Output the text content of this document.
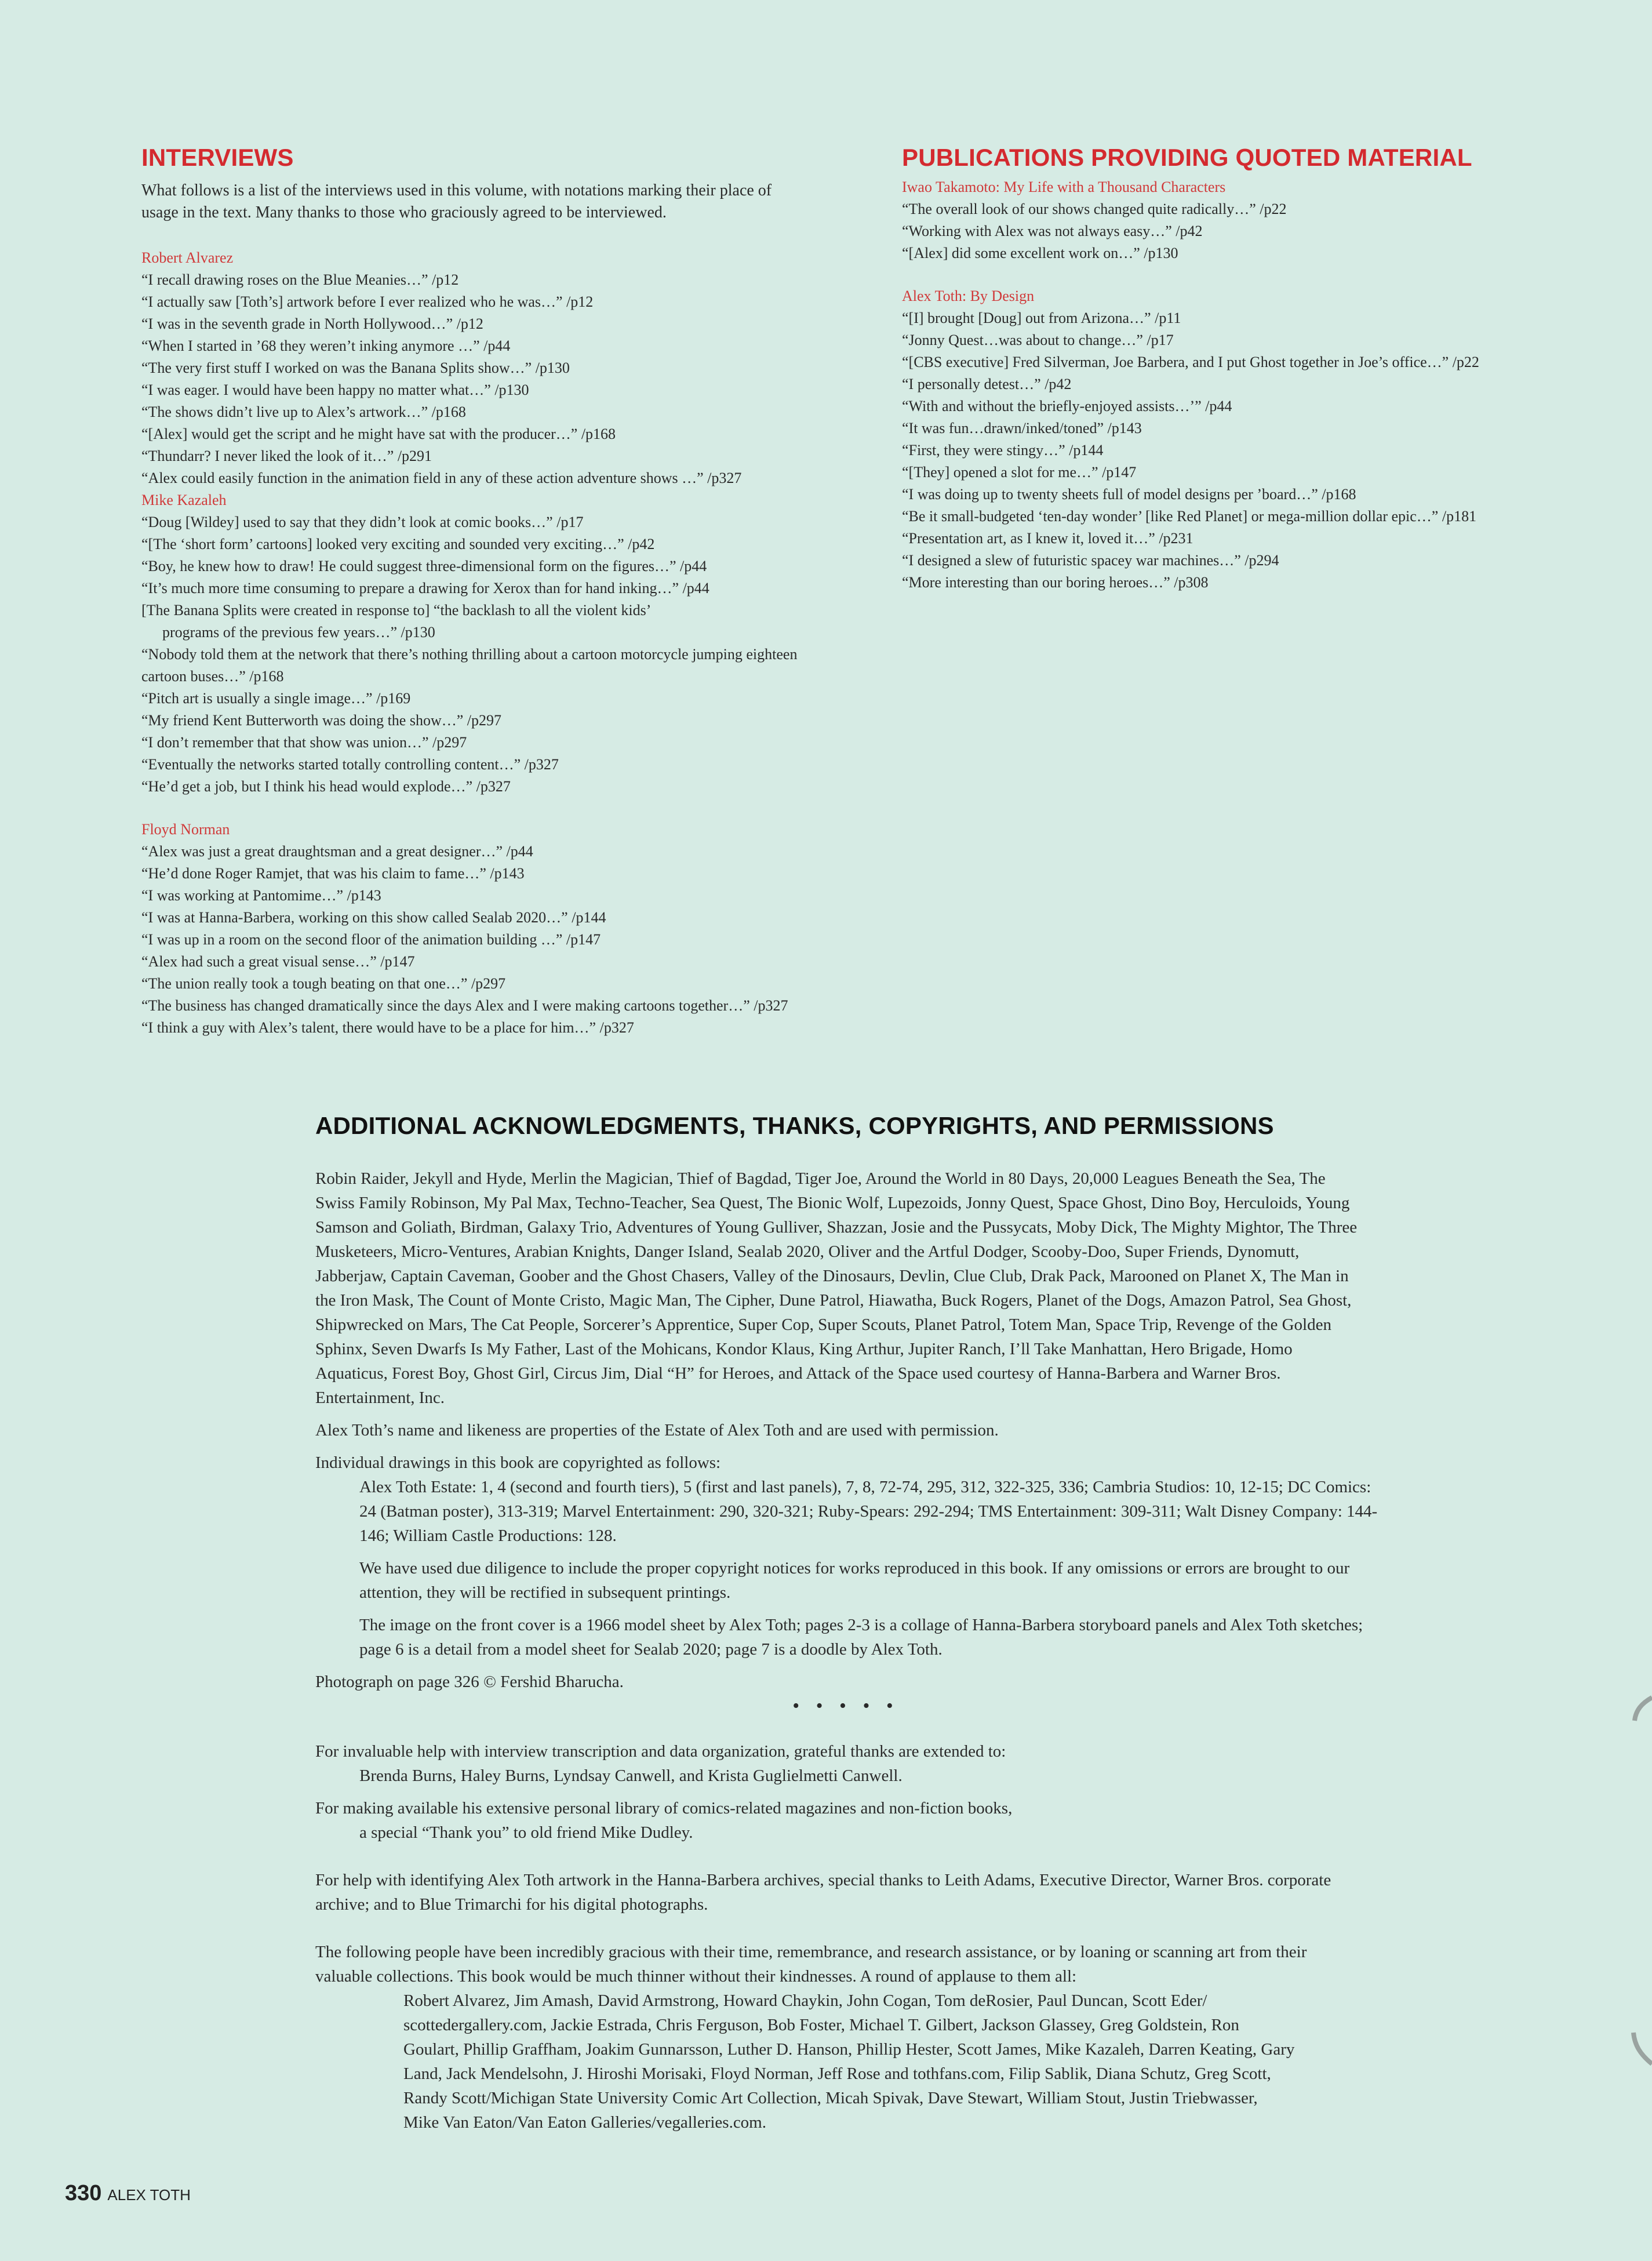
INTERVIEWS

What follows is a list of the interviews used in this volume, with notations marking their place of usage in the text. Many thanks to those who graciously agreed to be interviewed.

Robert Alvarez
“I recall drawing roses on the Blue Meanies…” /p12
“I actually saw [Toth’s] artwork before I ever realized who he was…” /p12
“I was in the seventh grade in North Hollywood…” /p12
“When I started in ’68 they weren’t inking anymore …” /p44
“The very first stuff I worked on was the Banana Splits show…” /p130
“I was eager. I would have been happy no matter what…” /p130
“The shows didn’t live up to Alex’s artwork…” /p168
“[Alex] would get the script and he might have sat with the producer…” /p168
“Thundarr? I never liked the look of it…” /p291
“Alex could easily function in the animation field in any of these action adventure shows …” /p327
Mike Kazaleh
“Doug [Wildey] used to say that they didn’t look at comic books…” /p17
“[The ‘short form’ cartoons] looked very exciting and sounded very exciting…” /p42
“Boy, he knew how to draw! He could suggest three-dimensional form on the figures…” /p44
“It’s much more time consuming to prepare a drawing for Xerox than for hand inking…” /p44
[The Banana Splits were created in response to] “the backlash to all the violent kids’
programs of the previous few years…” /p130
“Nobody told them at the network that there’s nothing thrilling about a cartoon motorcycle jumping eighteen cartoon buses…” /p168
“Pitch art is usually a single image…” /p169
“My friend Kent Butterworth was doing the show…” /p297
“I don’t remember that that show was union…” /p297
“Eventually the networks started totally controlling content…” /p327
“He’d get a job, but I think his head would explode…” /p327
Floyd Norman
“Alex was just a great draughtsman and a great designer…” /p44
“He’d done Roger Ramjet, that was his claim to fame…” /p143
“I was working at Pantomime…” /p143
“I was at Hanna-Barbera, working on this show called Sealab 2020…” /p144
“I was up in a room on the second floor of the animation building …” /p147
“Alex had such a great visual sense…” /p147
“The union really took a tough beating on that one…” /p297
“The business has changed dramatically since the days Alex and I were making cartoons together…” /p327
“I think a guy with Alex’s talent, there would have to be a place for him…” /p327
PUBLICATIONS PROVIDING QUOTED MATERIAL
Iwao Takamoto: My Life with a Thousand Characters
“The overall look of our shows changed quite radically…” /p22
“Working with Alex was not always easy…” /p42
“[Alex] did some excellent work on…” /p130
Alex Toth: By Design
“[I] brought [Doug] out from Arizona…” /p11
“Jonny Quest…was about to change…” /p17
“[CBS executive] Fred Silverman, Joe Barbera, and I put Ghost together in Joe’s office…” /p22
“I personally detest…” /p42
“With and without the briefly-enjoyed assists…’” /p44
“It was fun…drawn/inked/toned” /p143
“First, they were stingy…” /p144
“[They] opened a slot for me…” /p147
“I was doing up to twenty sheets full of model designs per ’board…” /p168
“Be it small-budgeted ‘ten-day wonder’ [like Red Planet] or mega-million dollar epic…” /p181
“Presentation art, as I knew it, loved it…” /p231
“I designed a slew of futuristic spacey war machines…” /p294
“More interesting than our boring heroes…” /p308
ADDITIONAL ACKNOWLEDGMENTS, THANKS, COPYRIGHTS, AND PERMISSIONS

Robin Raider, Jekyll and Hyde, Merlin the Magician, Thief of Bagdad, Tiger Joe, Around the World in 80 Days, 20,000 Leagues Beneath the Sea, The Swiss Family Robinson, My Pal Max, Techno-Teacher, Sea Quest, The Bionic Wolf, Lupezoids, Jonny Quest, Space Ghost, Dino Boy, Herculoids, Young Samson and Goliath, Birdman, Galaxy Trio, Adventures of Young Gulliver, Shazzan, Josie and the Pussycats, Moby Dick, The Mighty Mightor, The Three Musketeers, Micro-Ventures, Arabian Knights, Danger Island, Sealab 2020, Oliver and the Artful Dodger, Scooby-Doo, Super Friends, Dynomutt, Jabberjaw, Captain Caveman, Goober and the Ghost Chasers, Valley of the Dinosaurs, Devlin, Clue Club, Drak Pack, Marooned on Planet X, The Man in the Iron Mask, The Count of Monte Cristo, Magic Man, The Cipher, Dune Patrol, Hiawatha, Buck Rogers, Planet of the Dogs, Amazon Patrol, Sea Ghost, Shipwrecked on Mars, The Cat People, Sorcerer’s Apprentice, Super Cop, Super Scouts, Planet Patrol, Totem Man, Space Trip, Revenge of the Golden Sphinx, Seven Dwarfs Is My Father, Last of the Mohicans, Kondor Klaus, King Arthur, Jupiter Ranch, I’ll Take Manhattan, Hero Brigade, Homo Aquaticus, Forest Boy, Ghost Girl, Circus Jim, Dial “H” for Heroes, and Attack of the Space used courtesy of Hanna-Barbera and Warner Bros. Entertainment, Inc.

Alex Toth’s name and likeness are properties of the Estate of Alex Toth and are used with permission.

Individual drawings in this book are copyrighted as follows:

Alex Toth Estate: 1, 4 (second and fourth tiers), 5 (first and last panels), 7, 8, 72-74, 295, 312, 322-325, 336; Cambria Studios: 10, 12-15; DC Comics: 24 (Batman poster), 313-319; Marvel Entertainment: 290, 320-321; Ruby-Spears: 292-294; TMS Entertainment: 309-311; Walt Disney Company: 144-146; William Castle Productions: 128.

We have used due diligence to include the proper copyright notices for works reproduced in this book. If any omissions or errors are brought to our attention, they will be rectified in subsequent printings.

The image on the front cover is a 1966 model sheet by Alex Toth; pages 2-3 is a collage of Hanna-Barbera storyboard panels and Alex Toth sketches; page 6 is a detail from a model sheet for Sealab 2020; page 7 is a doodle by Alex Toth.

Photograph on page 326 © Fershid Bharucha.

• • • • •

For invaluable help with interview transcription and data organization, grateful thanks are extended to:

Brenda Burns, Haley Burns, Lyndsay Canwell, and Krista Guglielmetti Canwell.

For making available his extensive personal library of comics-related magazines and non-fiction books,

a special “Thank you” to old friend Mike Dudley.

For help with identifying Alex Toth artwork in the Hanna-Barbera archives, special thanks to Leith Adams, Executive Director, Warner Bros. corporate archive; and to Blue Trimarchi for his digital photographs.

The following people have been incredibly gracious with their time, remembrance, and research assistance, or by loaning or scanning art from their valuable collections. This book would be much thinner without their kindnesses. A round of applause to them all:

Robert Alvarez, Jim Amash, David Armstrong, Howard Chaykin, John Cogan, Tom deRosier, Paul Duncan, Scott Eder/ scottedergallery.com, Jackie Estrada, Chris Ferguson, Bob Foster, Michael T. Gilbert, Jackson Glassey, Greg Goldstein, Ron Goulart, Phillip Graffham, Joakim Gunnarsson, Luther D. Hanson, Phillip Hester, Scott James, Mike Kazaleh, Darren Keating, Gary Land, Jack Mendelsohn, J. Hiroshi Morisaki, Floyd Norman, Jeff Rose and tothfans.com, Filip Sablik, Diana Schutz, Greg Scott, Randy Scott/Michigan State University Comic Art Collection, Micah Spivak, Dave Stewart, William Stout, Justin Triebwasser, Mike Van Eaton/Van Eaton Galleries/vegalleries.com.

330 ALEX TOTH
